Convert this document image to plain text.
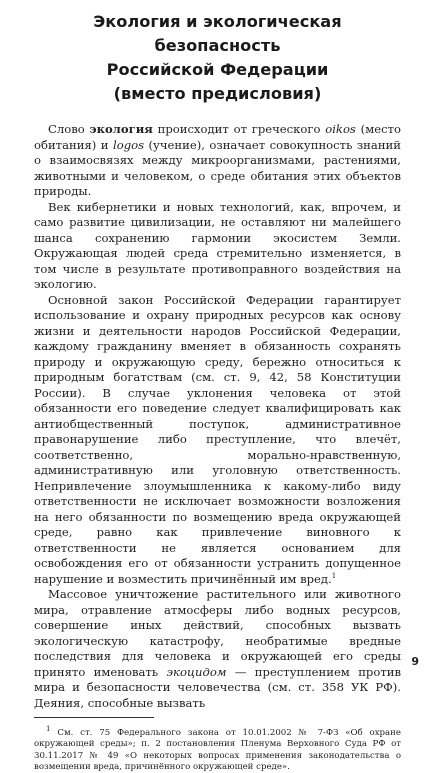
Экология и экологическая безопасность
Российской Федерации
(вместо предисловия)

Слово экология происходит от греческого oikos (место обитания) и logos (учение), означает совокупность знаний о взаимосвязях между микроорганизмами, растениями, животными и человеком, о среде обитания этих объектов природы.

Век кибернетики и новых технологий, как, впрочем, и само развитие цивилизации, не оставляют ни малейшего шанса сохранению гармонии экосистем Земли. Окружающая людей среда стремительно изменяется, в том числе в результате противоправного воздействия на экологию.

Основной закон Российской Федерации гарантирует использование и охрану природных ресурсов как основу жизни и деятельности народов Российской Федерации, каждому гражданину вменяет в обязанность сохранять природу и окружающую среду, бережно относиться к природным богатствам (см. ст. 9, 42, 58 Конституции России). В случае уклонения человека от этой обязанности его поведение следует квалифицировать как антиобщественный поступок, административное правонарушение либо преступление, что влечёт, соответственно, морально-нравственную, административную или уголовную ответственность. Непривлечение злоумышленника к какому-либо виду ответственности не исключает возможности возложения на него обязанности по возмещению вреда окружающей среде, равно как привлечение виновного к ответственности не является основанием для освобождения его от обязанности устранить допущенное нарушение и возместить причинённый им вред.$^1$

Массовое уничтожение растительного или животного мира, отравление атмосферы либо водных ресурсов, совершение иных действий, способных вызвать экологическую катастрофу, необратимые вредные последствия для человека и окружающей его среды принято именовать экоцидом — преступлением против мира и безопасности человечества (см. ст. 358 УК РФ). Деяния, способные вызвать

$^1$ См. ст. 75 Федерального закона от 10.01.2002 № 7-ФЗ «Об охране окружающей среды»; п. 2 постановления Пленума Верховного Суда РФ от 30.11.2017 № 49 «О некоторых вопросах применения законодательства о возмещении вреда, причинённого окружающей среде».

9
